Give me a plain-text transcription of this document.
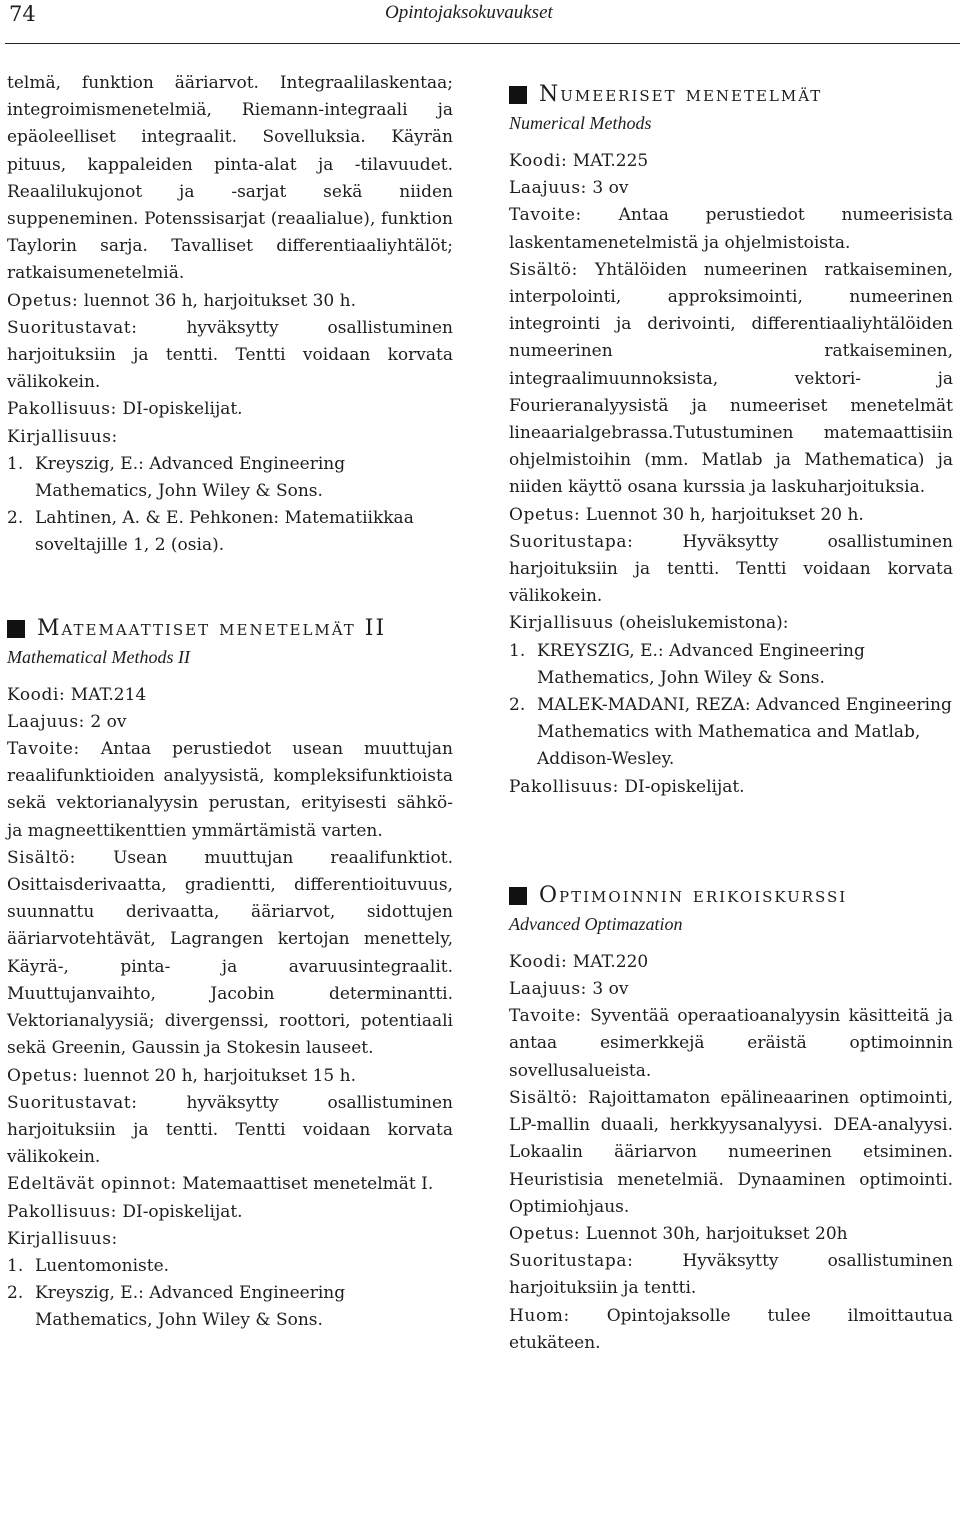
74	Opintojaksokuvaukset

telmä, funktion ääriarvot. Integraalilaskentaa; integroimismenetelmiä, Riemann-integraali ja epäoleelliset integraalit. Sovelluksia. Käyrän pituus, kappaleiden pinta-alat ja -tilavuudet. Reaalilukujonot ja -sarjat sekä niiden suppeneminen. Potenssisarjat (reaalialue), funktion Taylorin sarja. Tavalliset differentiaaliyhtälöt; ratkaisumenetelmiä.

Opetus: luennot 36 h, harjoitukset 30 h.

Suoritustavat:	hyväksytty osallistuminen harjoituksiin ja tentti. Tentti voidaan korvata välikokein.

Pakollisuus: DI-opiskelijat.

Kirjallisuus:

1. Kreyszig, E.: Advanced Engineering Mathematics, John Wiley & Sons.
2. Lahtinen, A. & E. Pehkonen: Matematiikkaa soveltajille 1, 2 (osia).
Matemaattiset menetelmät II
Mathematical Methods II

Koodi: MAT.214

Laajuus: 2 ov

Tavoite: Antaa perustiedot usean muuttujan reaalifunktioiden analyysistä, kompleksifunktioista sekä vektorianalyysin perustan, erityisesti sähkö- ja magneettikenttien ymmärtämistä varten.

Sisältö: Usean muuttujan reaalifunktiot. Osittaisderivaatta, gradientti, differentioituvuus, suunnattu derivaatta, ääriarvot, sidottujen ääriarvotehtävät, Lagrangen kertojan menettely, Käyrä-, pinta- ja avaruusintegraalit. Muuttujanvaihto, Jacobin determinantti. Vektorianalyysiä; divergenssi, roottori, potentiaali sekä Greenin, Gaussin ja Stokesin lauseet.

Opetus: luennot 20 h, harjoitukset 15 h.

Suoritustavat:	hyväksytty osallistuminen harjoituksiin ja tentti. Tentti voidaan korvata välikokein.

Edeltävät opinnot: Matemaattiset menetelmät I.

Pakollisuus: DI-opiskelijat.

Kirjallisuus:

1. Luentomoniste.
2. Kreyszig, E.: Advanced Engineering Mathematics, John Wiley & Sons.
Numeeriset menetelmät
Numerical Methods

Koodi: MAT.225

Laajuus: 3 ov

Tavoite: Antaa perustiedot numeerisista laskentamenetelmistä ja ohjelmistoista.

Sisältö: Yhtälöiden numeerinen ratkaiseminen, interpolointi, approksimointi, numeerinen integrointi ja derivointi, differentiaaliyhtälöiden numeerinen ratkaiseminen, integraalimuunnoksista, vektori- ja Fourieranalyysistä ja numeeriset menetelmät lineaarialgebrassa.Tutustuminen matemaattisiin ohjelmistoihin (mm. Matlab ja Mathematica) ja niiden käyttö osana kurssia ja laskuharjoituksia.

Opetus: Luennot 30 h, harjoitukset 20 h.

Suoritustapa:	Hyväksytty osallistuminen harjoituksiin ja tentti. Tentti voidaan korvata välikokein.

Kirjallisuus (oheislukemistona):

1. KREYSZIG, E.: Advanced Engineering Mathematics, John Wiley & Sons.
2. MALEK-MADANI, REZA: Advanced Engineering Mathematics with Mathematica and Matlab, Addison-Wesley.

Pakollisuus: DI-opiskelijat.

Optimoinnin erikoiskurssi
Advanced Optimazation

Koodi: MAT.220

Laajuus: 3 ov

Tavoite: Syventää operaatioanalyysin käsitteitä ja antaa esimerkkejä eräistä optimoinnin sovellusalueista.

Sisältö: Rajoittamaton epälineaarinen optimointi, LP-mallin duaali, herkkyysanalyysi. DEA-analyysi. Lokaalin ääriarvon numeerinen etsiminen. Heuristisia menetelmiä. Dynaaminen optimointi. Optimiohjaus.

Opetus: Luennot 30h, harjoitukset 20h

Suoritustapa:	Hyväksytty osallistuminen harjoituksiin ja tentti.

Huom: Opintojaksolle tulee ilmoittautua etukäteen.
